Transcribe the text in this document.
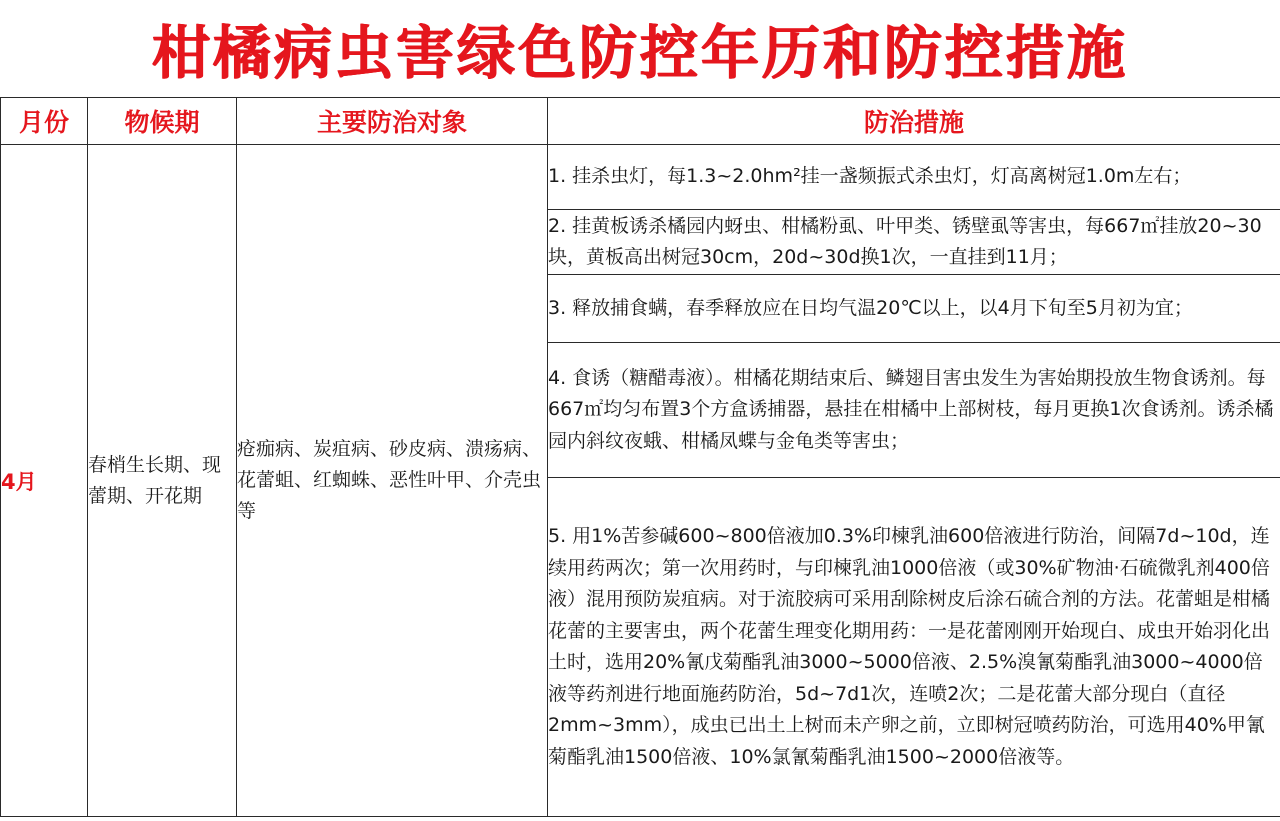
柑橘病虫害绿色防控年历和防控措施
月份	物候期	主要防治对象	防治措施
4月	春梢生长期、现蕾期、开花期	疮痂病、炭疽病、砂皮病、溃疡病、花蕾蛆、红蜘蛛、恶性叶甲、介壳虫等	1. 挂杀虫灯，每1.3~2.0hm²挂一盏频振式杀虫灯，灯高离树冠1.0m左右；
			2. 挂黄板诱杀橘园内蚜虫、柑橘粉虱、叶甲类、锈壁虱等害虫，每667㎡挂放20~30块，黄板高出树冠30cm，20d~30d换1次，一直挂到11月；
			3. 释放捕食螨，春季释放应在日均气温20℃以上，以4月下旬至5月初为宜；
			4. 食诱（糖醋毒液）。柑橘花期结束后、鳞翅目害虫发生为害始期投放生物食诱剂。每667㎡均匀布置3个方盒诱捕器，悬挂在柑橘中上部树枝，每月更换1次食诱剂。诱杀橘园内斜纹夜蛾、柑橘凤蝶与金龟类等害虫；
			5. 用1%苦参碱600~800倍液加0.3%印楝乳油600倍液进行防治，间隔7d~10d，连续用药两次；第一次用药时，与印楝乳油1000倍液（或30%矿物油·石硫微乳剂400倍液）混用预防炭疽病。对于流胶病可采用刮除树皮后涂石硫合剂的方法。花蕾蛆是柑橘花蕾的主要害虫，两个花蕾生理变化期用药：一是花蕾刚刚开始现白、成虫开始羽化出土时，选用20%氰戊菊酯乳油3000~5000倍液、2.5%溴氰菊酯乳油3000~4000倍液等药剂进行地面施药防治，5d~7d1次，连喷2次；二是花蕾大部分现白（直径2mm~3mm），成虫已出土上树而未产卵之前，立即树冠喷药防治，可选用40%甲氰菊酯乳油1500倍液、10%氯氰菊酯乳油1500~2000倍液等。
